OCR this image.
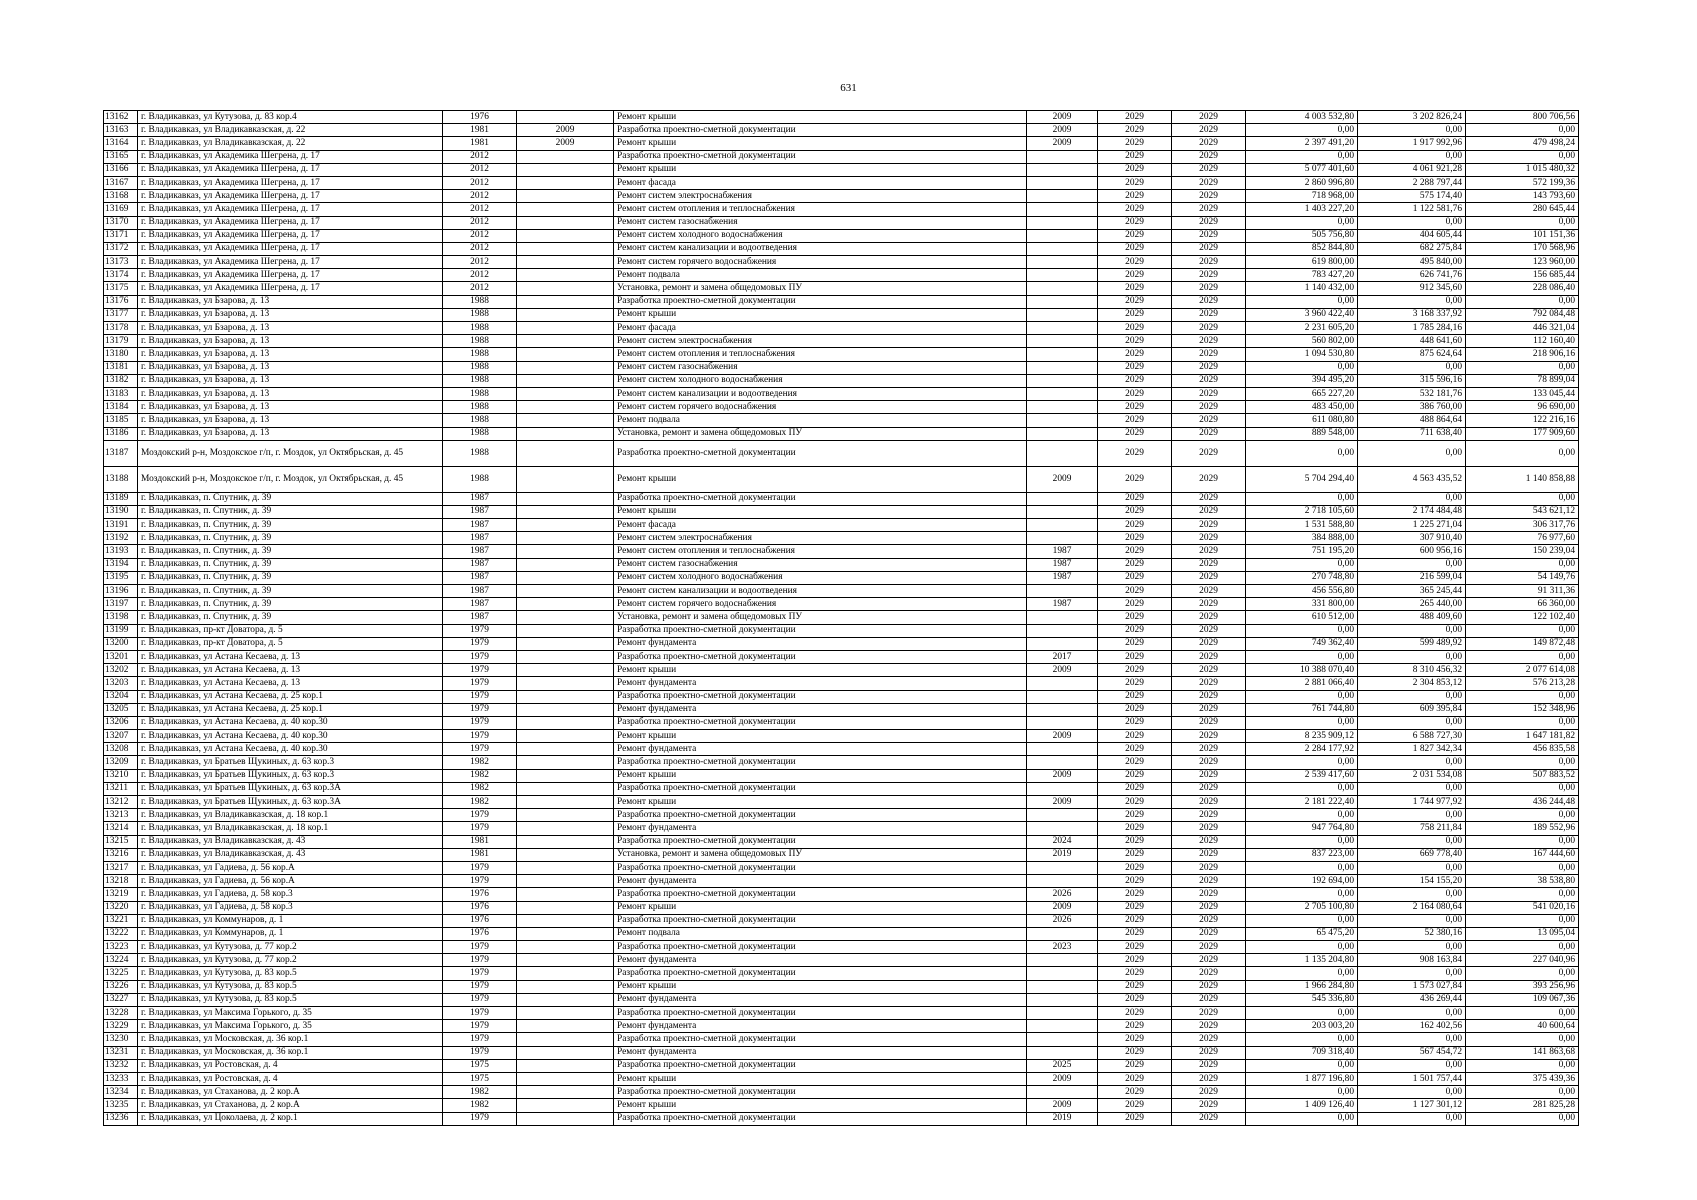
631
13162	г. Владикавказ, ул Кутузова, д. 83 кор.4	1976		Ремонт крыши	2009	2029	2029	4 003 532,80	3 202 826,24	800 706,56
13163	г. Владикавказ, ул Владикавказская, д. 22	1981	2009	Разработка проектно-сметной документации	2009	2029	2029	0,00	0,00	0,00
13164	г. Владикавказ, ул Владикавказская, д. 22	1981	2009	Ремонт крыши	2009	2029	2029	2 397 491,20	1 917 992,96	479 498,24
13165	г. Владикавказ, ул Академика Шегрена, д. 17	2012		Разработка проектно-сметной документации		2029	2029	0,00	0,00	0,00
13166	г. Владикавказ, ул Академика Шегрена, д. 17	2012		Ремонт крыши		2029	2029	5 077 401,60	4 061 921,28	1 015 480,32
13167	г. Владикавказ, ул Академика Шегрена, д. 17	2012		Ремонт фасада		2029	2029	2 860 996,80	2 288 797,44	572 199,36
13168	г. Владикавказ, ул Академика Шегрена, д. 17	2012		Ремонт систем электроснабжения		2029	2029	718 968,00	575 174,40	143 793,60
13169	г. Владикавказ, ул Академика Шегрена, д. 17	2012		Ремонт систем отопления и теплоснабжения		2029	2029	1 403 227,20	1 122 581,76	280 645,44
13170	г. Владикавказ, ул Академика Шегрена, д. 17	2012		Ремонт систем газоснабжения		2029	2029	0,00	0,00	0,00
13171	г. Владикавказ, ул Академика Шегрена, д. 17	2012		Ремонт систем холодного водоснабжения		2029	2029	505 756,80	404 605,44	101 151,36
13172	г. Владикавказ, ул Академика Шегрена, д. 17	2012		Ремонт систем канализации и водоотведения		2029	2029	852 844,80	682 275,84	170 568,96
13173	г. Владикавказ, ул Академика Шегрена, д. 17	2012		Ремонт систем горячего водоснабжения		2029	2029	619 800,00	495 840,00	123 960,00
13174	г. Владикавказ, ул Академика Шегрена, д. 17	2012		Ремонт подвала		2029	2029	783 427,20	626 741,76	156 685,44
13175	г. Владикавказ, ул Академика Шегрена, д. 17	2012		Установка, ремонт и замена общедомовых ПУ		2029	2029	1 140 432,00	912 345,60	228 086,40
13176	г. Владикавказ, ул Бзарова, д. 13	1988		Разработка проектно-сметной документации		2029	2029	0,00	0,00	0,00
13177	г. Владикавказ, ул Бзарова, д. 13	1988		Ремонт крыши		2029	2029	3 960 422,40	3 168 337,92	792 084,48
13178	г. Владикавказ, ул Бзарова, д. 13	1988		Ремонт фасада		2029	2029	2 231 605,20	1 785 284,16	446 321,04
13179	г. Владикавказ, ул Бзарова, д. 13	1988		Ремонт систем электроснабжения		2029	2029	560 802,00	448 641,60	112 160,40
13180	г. Владикавказ, ул Бзарова, д. 13	1988		Ремонт систем отопления и теплоснабжения		2029	2029	1 094 530,80	875 624,64	218 906,16
13181	г. Владикавказ, ул Бзарова, д. 13	1988		Ремонт систем газоснабжения		2029	2029	0,00	0,00	0,00
13182	г. Владикавказ, ул Бзарова, д. 13	1988		Ремонт систем холодного водоснабжения		2029	2029	394 495,20	315 596,16	78 899,04
13183	г. Владикавказ, ул Бзарова, д. 13	1988		Ремонт систем канализации и водоотведения		2029	2029	665 227,20	532 181,76	133 045,44
13184	г. Владикавказ, ул Бзарова, д. 13	1988		Ремонт систем горячего водоснабжения		2029	2029	483 450,00	386 760,00	96 690,00
13185	г. Владикавказ, ул Бзарова, д. 13	1988		Ремонт подвала		2029	2029	611 080,80	488 864,64	122 216,16
13186	г. Владикавказ, ул Бзарова, д. 13	1988		Установка, ремонт и замена общедомовых ПУ		2029	2029	889 548,00	711 638,40	177 909,60
13187	Моздокский р-н, Моздокское г/п, г. Моздок, ул Октябрьская, д. 45	1988		Разработка проектно-сметной документации		2029	2029	0,00	0,00	0,00
13188	Моздокский р-н, Моздокское г/п, г. Моздок, ул Октябрьская, д. 45	1988		Ремонт крыши	2009	2029	2029	5 704 294,40	4 563 435,52	1 140 858,88
13189	г. Владикавказ, п. Спутник, д. 39	1987		Разработка проектно-сметной документации		2029	2029	0,00	0,00	0,00
13190	г. Владикавказ, п. Спутник, д. 39	1987		Ремонт крыши		2029	2029	2 718 105,60	2 174 484,48	543 621,12
13191	г. Владикавказ, п. Спутник, д. 39	1987		Ремонт фасада		2029	2029	1 531 588,80	1 225 271,04	306 317,76
13192	г. Владикавказ, п. Спутник, д. 39	1987		Ремонт систем электроснабжения		2029	2029	384 888,00	307 910,40	76 977,60
13193	г. Владикавказ, п. Спутник, д. 39	1987		Ремонт систем отопления и теплоснабжения	1987	2029	2029	751 195,20	600 956,16	150 239,04
13194	г. Владикавказ, п. Спутник, д. 39	1987		Ремонт систем газоснабжения	1987	2029	2029	0,00	0,00	0,00
13195	г. Владикавказ, п. Спутник, д. 39	1987		Ремонт систем холодного водоснабжения	1987	2029	2029	270 748,80	216 599,04	54 149,76
13196	г. Владикавказ, п. Спутник, д. 39	1987		Ремонт систем канализации и водоотведения		2029	2029	456 556,80	365 245,44	91 311,36
13197	г. Владикавказ, п. Спутник, д. 39	1987		Ремонт систем горячего водоснабжения	1987	2029	2029	331 800,00	265 440,00	66 360,00
13198	г. Владикавказ, п. Спутник, д. 39	1987		Установка, ремонт и замена общедомовых ПУ		2029	2029	610 512,00	488 409,60	122 102,40
13199	г. Владикавказ, пр-кт Доватора, д. 5	1979		Разработка проектно-сметной документации		2029	2029	0,00	0,00	0,00
13200	г. Владикавказ, пр-кт Доватора, д. 5	1979		Ремонт фундамента		2029	2029	749 362,40	599 489,92	149 872,48
13201	г. Владикавказ, ул Астана Кесаева, д. 13	1979		Разработка проектно-сметной документации	2017	2029	2029	0,00	0,00	0,00
13202	г. Владикавказ, ул Астана Кесаева, д. 13	1979		Ремонт крыши	2009	2029	2029	10 388 070,40	8 310 456,32	2 077 614,08
13203	г. Владикавказ, ул Астана Кесаева, д. 13	1979		Ремонт фундамента		2029	2029	2 881 066,40	2 304 853,12	576 213,28
13204	г. Владикавказ, ул Астана Кесаева, д. 25 кор.1	1979		Разработка проектно-сметной документации		2029	2029	0,00	0,00	0,00
13205	г. Владикавказ, ул Астана Кесаева, д. 25 кор.1	1979		Ремонт фундамента		2029	2029	761 744,80	609 395,84	152 348,96
13206	г. Владикавказ, ул Астана Кесаева, д. 40 кор.30	1979		Разработка проектно-сметной документации		2029	2029	0,00	0,00	0,00
13207	г. Владикавказ, ул Астана Кесаева, д. 40 кор.30	1979		Ремонт крыши	2009	2029	2029	8 235 909,12	6 588 727,30	1 647 181,82
13208	г. Владикавказ, ул Астана Кесаева, д. 40 кор.30	1979		Ремонт фундамента		2029	2029	2 284 177,92	1 827 342,34	456 835,58
13209	г. Владикавказ, ул Братьев Щукиных, д. 63 кор.3	1982		Разработка проектно-сметной документации		2029	2029	0,00	0,00	0,00
13210	г. Владикавказ, ул Братьев Щукиных, д. 63 кор.3	1982		Ремонт крыши	2009	2029	2029	2 539 417,60	2 031 534,08	507 883,52
13211	г. Владикавказ, ул Братьев Щукиных, д. 63 кор.3А	1982		Разработка проектно-сметной документации		2029	2029	0,00	0,00	0,00
13212	г. Владикавказ, ул Братьев Щукиных, д. 63 кор.3А	1982		Ремонт крыши	2009	2029	2029	2 181 222,40	1 744 977,92	436 244,48
13213	г. Владикавказ, ул Владикавказская, д. 18 кор.1	1979		Разработка проектно-сметной документации		2029	2029	0,00	0,00	0,00
13214	г. Владикавказ, ул Владикавказская, д. 18 кор.1	1979		Ремонт фундамента		2029	2029	947 764,80	758 211,84	189 552,96
13215	г. Владикавказ, ул Владикавказская, д. 43	1981		Разработка проектно-сметной документации	2024	2029	2029	0,00	0,00	0,00
13216	г. Владикавказ, ул Владикавказская, д. 43	1981		Установка, ремонт и замена общедомовых ПУ	2019	2029	2029	837 223,00	669 778,40	167 444,60
13217	г. Владикавказ, ул Гадиева, д. 56 кор.А	1979		Разработка проектно-сметной документации		2029	2029	0,00	0,00	0,00
13218	г. Владикавказ, ул Гадиева, д. 56 кор.А	1979		Ремонт фундамента		2029	2029	192 694,00	154 155,20	38 538,80
13219	г. Владикавказ, ул Гадиева, д. 58 кор.3	1976		Разработка проектно-сметной документации	2026	2029	2029	0,00	0,00	0,00
13220	г. Владикавказ, ул Гадиева, д. 58 кор.3	1976		Ремонт крыши	2009	2029	2029	2 705 100,80	2 164 080,64	541 020,16
13221	г. Владикавказ, ул Коммунаров, д. 1	1976		Разработка проектно-сметной документации	2026	2029	2029	0,00	0,00	0,00
13222	г. Владикавказ, ул Коммунаров, д. 1	1976		Ремонт подвала		2029	2029	65 475,20	52 380,16	13 095,04
13223	г. Владикавказ, ул Кутузова, д. 77 кор.2	1979		Разработка проектно-сметной документации	2023	2029	2029	0,00	0,00	0,00
13224	г. Владикавказ, ул Кутузова, д. 77 кор.2	1979		Ремонт фундамента		2029	2029	1 135 204,80	908 163,84	227 040,96
13225	г. Владикавказ, ул Кутузова, д. 83 кор.5	1979		Разработка проектно-сметной документации		2029	2029	0,00	0,00	0,00
13226	г. Владикавказ, ул Кутузова, д. 83 кор.5	1979		Ремонт крыши		2029	2029	1 966 284,80	1 573 027,84	393 256,96
13227	г. Владикавказ, ул Кутузова, д. 83 кор.5	1979		Ремонт фундамента		2029	2029	545 336,80	436 269,44	109 067,36
13228	г. Владикавказ, ул Максима Горького, д. 35	1979		Разработка проектно-сметной документации		2029	2029	0,00	0,00	0,00
13229	г. Владикавказ, ул Максима Горького, д. 35	1979		Ремонт фундамента		2029	2029	203 003,20	162 402,56	40 600,64
13230	г. Владикавказ, ул Московская, д. 36 кор.1	1979		Разработка проектно-сметной документации		2029	2029	0,00	0,00	0,00
13231	г. Владикавказ, ул Московская, д. 36 кор.1	1979		Ремонт фундамента		2029	2029	709 318,40	567 454,72	141 863,68
13232	г. Владикавказ, ул Ростовская, д. 4	1975		Разработка проектно-сметной документации	2025	2029	2029	0,00	0,00	0,00
13233	г. Владикавказ, ул Ростовская, д. 4	1975		Ремонт крыши	2009	2029	2029	1 877 196,80	1 501 757,44	375 439,36
13234	г. Владикавказ, ул Стаханова, д. 2 кор.А	1982		Разработка проектно-сметной документации		2029	2029	0,00	0,00	0,00
13235	г. Владикавказ, ул Стаханова, д. 2 кор.А	1982		Ремонт крыши	2009	2029	2029	1 409 126,40	1 127 301,12	281 825,28
13236	г. Владикавказ, ул Цоколаева, д. 2 кор.1	1979		Разработка проектно-сметной документации	2019	2029	2029	0,00	0,00	0,00
